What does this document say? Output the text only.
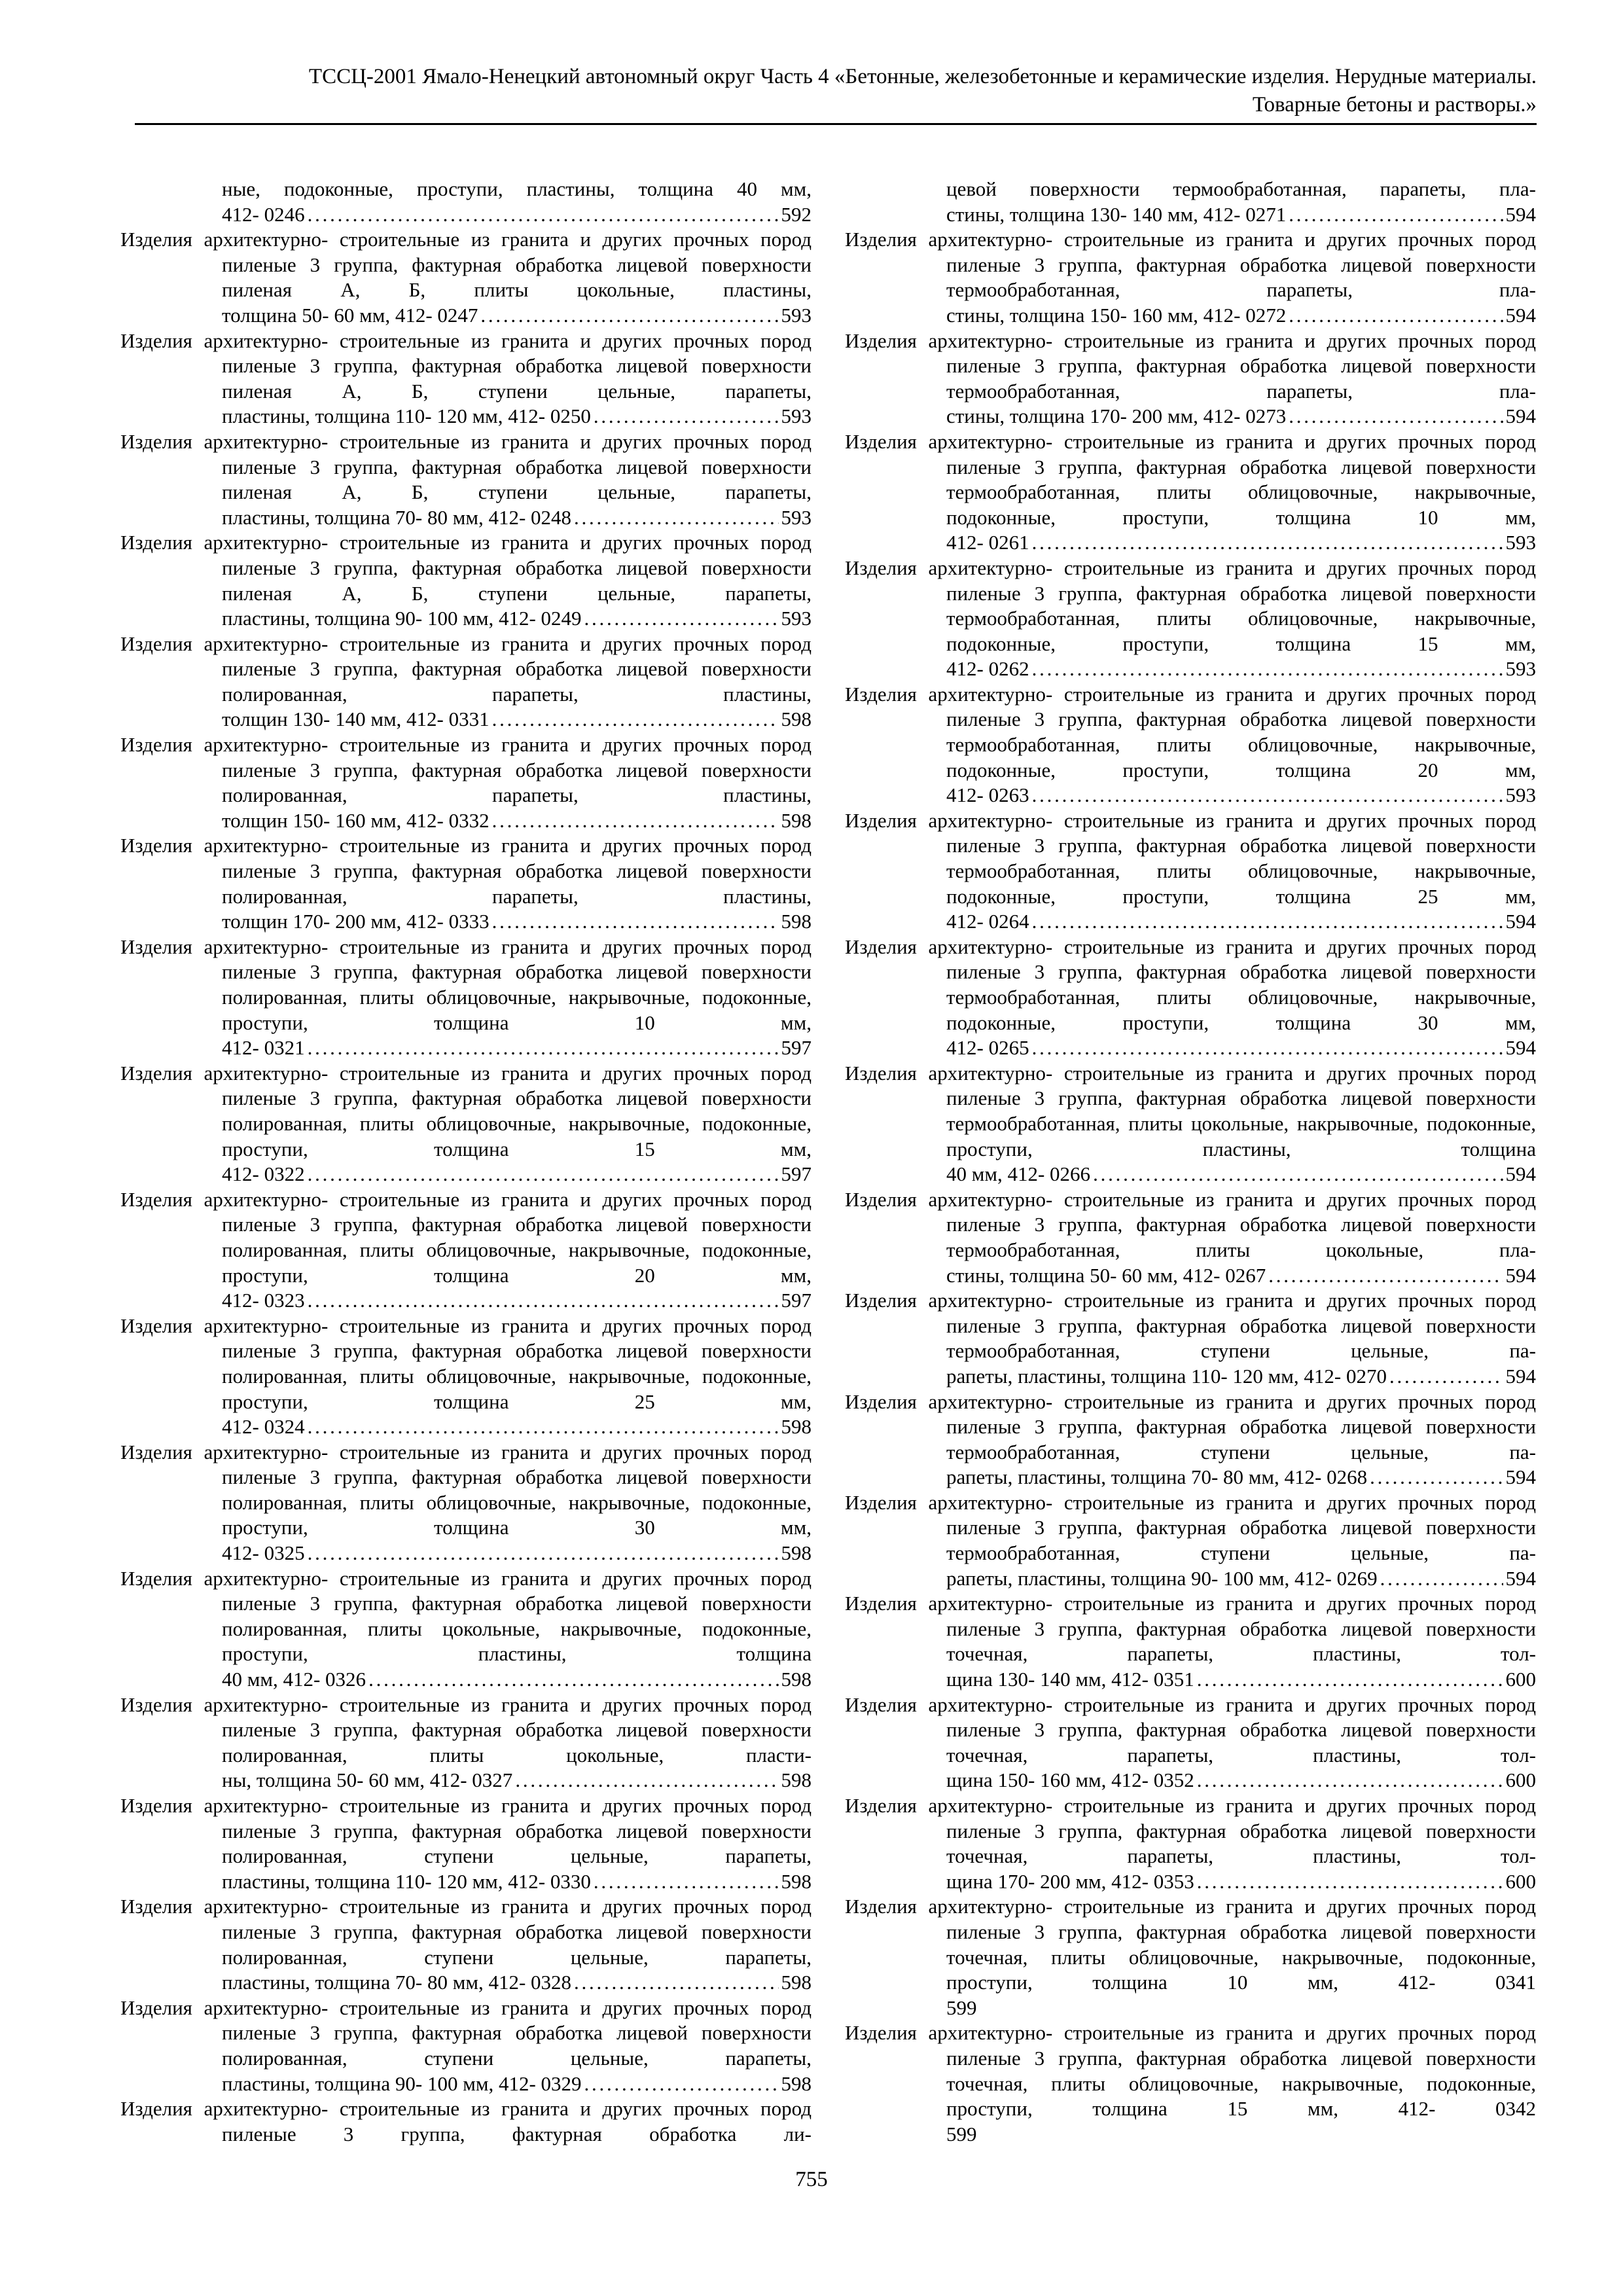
ТССЦ-2001 Ямало-Ненецкий автономный округ Часть 4 «Бетонные, железобетонные и керамические изделия. Нерудные материалы.
Товарные бетоны и растворы.»
ные, подоконные, проступи, пластины, толщина 40 мм,
412- 0246 . . .	592
Изделия архитектурно- строительные из гранита и других прочных пород пиленые 3 группа, фактурная обработка лицевой поверхности пиленая А, Б, плиты цокольные, пластины,
толщина 50- 60 мм, 412- 0247 . . .	593
Изделия архитектурно- строительные из гранита и других прочных пород пиленые 3 группа, фактурная обработка лицевой поверхности пиленая А, Б, ступени цельные, парапеты,
пластины, толщина 110- 120 мм, 412- 0250 . . .	593
Изделия архитектурно- строительные из гранита и других прочных пород пиленые 3 группа, фактурная обработка лицевой поверхности пиленая А, Б, ступени цельные, парапеты,
пластины, толщина 70- 80 мм, 412- 0248 . . .	593
Изделия архитектурно- строительные из гранита и других прочных пород пиленые 3 группа, фактурная обработка лицевой поверхности пиленая А, Б, ступени цельные, парапеты,
пластины, толщина 90- 100 мм, 412- 0249 . . .	593
Изделия архитектурно- строительные из гранита и других прочных пород пиленые 3 группа, фактурная обработка лицевой поверхности полированная, парапеты, пластины,
толщин 130- 140 мм, 412- 0331 . . .	598
Изделия архитектурно- строительные из гранита и других прочных пород пиленые 3 группа, фактурная обработка лицевой поверхности полированная, парапеты, пластины,
толщин 150- 160 мм, 412- 0332 . . .	598
Изделия архитектурно- строительные из гранита и других прочных пород пиленые 3 группа, фактурная обработка лицевой поверхности полированная, парапеты, пластины,
толщин 170- 200 мм, 412- 0333 . . .	598
Изделия архитектурно- строительные из гранита и других прочных пород пиленые 3 группа, фактурная обработка лицевой поверхности полированная, плиты облицовочные, накрывочные, подоконные, проступи, толщина 10 мм,
412- 0321 . . .	597
Изделия архитектурно- строительные из гранита и других прочных пород пиленые 3 группа, фактурная обработка лицевой поверхности полированная, плиты облицовочные, накрывочные, подоконные, проступи, толщина 15 мм,
412- 0322 . . .	597
Изделия архитектурно- строительные из гранита и других прочных пород пиленые 3 группа, фактурная обработка лицевой поверхности полированная, плиты облицовочные, накрывочные, подоконные, проступи, толщина 20 мм,
412- 0323 . . .	597
Изделия архитектурно- строительные из гранита и других прочных пород пиленые 3 группа, фактурная обработка лицевой поверхности полированная, плиты облицовочные, накрывочные, подоконные, проступи, толщина 25 мм,
412- 0324 . . .	598
Изделия архитектурно- строительные из гранита и других прочных пород пиленые 3 группа, фактурная обработка лицевой поверхности полированная, плиты облицовочные, накрывочные, подоконные, проступи, толщина 30 мм,
412- 0325 . . .	598
Изделия архитектурно- строительные из гранита и других прочных пород пиленые 3 группа, фактурная обработка лицевой поверхности полированная, плиты цокольные, накрывочные, подоконные, проступи, пластины, толщина
40 мм, 412- 0326 . . .	598
Изделия архитектурно- строительные из гранита и других прочных пород пиленые 3 группа, фактурная обработка лицевой поверхности полированная, плиты цокольные, пласти-
ны, толщина 50- 60 мм, 412- 0327 . . .	598
Изделия архитектурно- строительные из гранита и других прочных пород пиленые 3 группа, фактурная обработка лицевой поверхности полированная, ступени цельные, парапеты,
пластины, толщина 110- 120 мм, 412- 0330 . . .	598
Изделия архитектурно- строительные из гранита и других прочных пород пиленые 3 группа, фактурная обработка лицевой поверхности полированная, ступени цельные, парапеты,
пластины, толщина 70- 80 мм, 412- 0328 . . .	598
Изделия архитектурно- строительные из гранита и других прочных пород пиленые 3 группа, фактурная обработка лицевой поверхности полированная, ступени цельные, парапеты,
пластины, толщина 90- 100 мм, 412- 0329 . . .	598
Изделия архитектурно- строительные из гранита и других прочных пород пиленые 3 группа, фактурная обработка ли-
цевой поверхности термообработанная, парапеты, пла-
стины, толщина 130- 140 мм, 412- 0271 . . .	594
Изделия архитектурно- строительные из гранита и других прочных пород пиленые 3 группа, фактурная обработка лицевой поверхности термообработанная, парапеты, пла-
стины, толщина 150- 160 мм, 412- 0272 . . .	594
Изделия архитектурно- строительные из гранита и других прочных пород пиленые 3 группа, фактурная обработка лицевой поверхности термообработанная, парапеты, пла-
стины, толщина 170- 200 мм, 412- 0273 . . .	594
Изделия архитектурно- строительные из гранита и других прочных пород пиленые 3 группа, фактурная обработка лицевой поверхности термообработанная, плиты облицовочные, накрывочные, подоконные, проступи, толщина 10 мм,
412- 0261 . . .	593
Изделия архитектурно- строительные из гранита и других прочных пород пиленые 3 группа, фактурная обработка лицевой поверхности термообработанная, плиты облицовочные, накрывочные, подоконные, проступи, толщина 15 мм,
412- 0262 . . .	593
Изделия архитектурно- строительные из гранита и других прочных пород пиленые 3 группа, фактурная обработка лицевой поверхности термообработанная, плиты облицовочные, накрывочные, подоконные, проступи, толщина 20 мм,
412- 0263 . . .	593
Изделия архитектурно- строительные из гранита и других прочных пород пиленые 3 группа, фактурная обработка лицевой поверхности термообработанная, плиты облицовочные, накрывочные, подоконные, проступи, толщина 25 мм,
412- 0264 . . .	594
Изделия архитектурно- строительные из гранита и других прочных пород пиленые 3 группа, фактурная обработка лицевой поверхности термообработанная, плиты облицовочные, накрывочные, подоконные, проступи, толщина 30 мм,
412- 0265 . . .	594
Изделия архитектурно- строительные из гранита и других прочных пород пиленые 3 группа, фактурная обработка лицевой поверхности термообработанная, плиты цокольные, накрывочные, подоконные, проступи, пластины, толщина
40 мм, 412- 0266 . . .	594
Изделия архитектурно- строительные из гранита и других прочных пород пиленые 3 группа, фактурная обработка лицевой поверхности термообработанная, плиты цокольные, пла-
стины, толщина 50- 60 мм, 412- 0267 . . .	594
Изделия архитектурно- строительные из гранита и других прочных пород пиленые 3 группа, фактурная обработка лицевой поверхности термообработанная, ступени цельные, па-
рапеты, пластины, толщина 110- 120 мм, 412- 0270 . . .	594
Изделия архитектурно- строительные из гранита и других прочных пород пиленые 3 группа, фактурная обработка лицевой поверхности термообработанная, ступени цельные, па-
рапеты, пластины, толщина 70- 80 мм, 412- 0268 . . .	594
Изделия архитектурно- строительные из гранита и других прочных пород пиленые 3 группа, фактурная обработка лицевой поверхности термообработанная, ступени цельные, па-
рапеты, пластины, толщина 90- 100 мм, 412- 0269 . . .	594
Изделия архитектурно- строительные из гранита и других прочных пород пиленые 3 группа, фактурная обработка лицевой поверхности точечная, парапеты, пластины, тол-
щина 130- 140 мм, 412- 0351 . . .	600
Изделия архитектурно- строительные из гранита и других прочных пород пиленые 3 группа, фактурная обработка лицевой поверхности точечная, парапеты, пластины, тол-
щина 150- 160 мм, 412- 0352 . . .	600
Изделия архитектурно- строительные из гранита и других прочных пород пиленые 3 группа, фактурная обработка лицевой поверхности точечная, парапеты, пластины, тол-
щина 170- 200 мм, 412- 0353 . . .	600
Изделия архитектурно- строительные из гранита и других прочных пород пиленые 3 группа, фактурная обработка лицевой поверхности точечная, плиты облицовочные, накрывочные, подоконные, проступи, толщина 10 мм, 412- 0341
599
Изделия архитектурно- строительные из гранита и других прочных пород пиленые 3 группа, фактурная обработка лицевой поверхности точечная, плиты облицовочные, накрывочные, подоконные, проступи, толщина 15 мм, 412- 0342
599
755
